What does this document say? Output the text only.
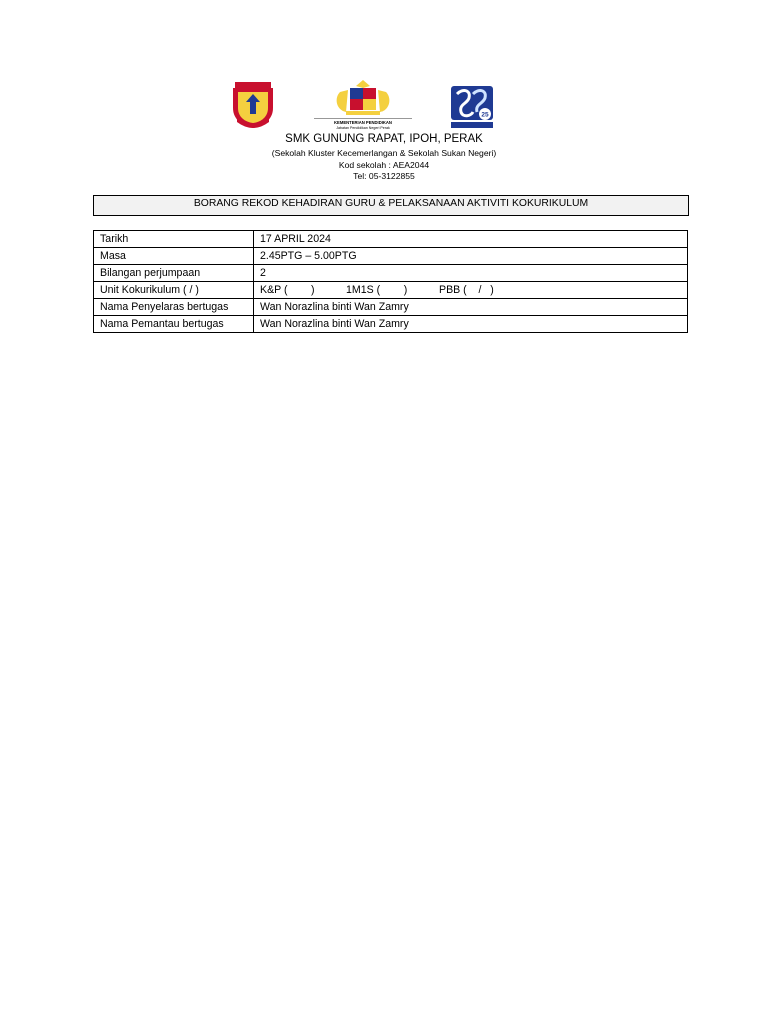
KEMENTERIAN PENDIDIKAN
Jabatan Pendidikan Negeri Perak
25
SMK GUNUNG RAPAT, IPOH, PERAK
(Sekolah Kluster Kecemerlangan & Sekolah Sukan Negeri)
Kod sekolah : AEA2044
Tel: 05-3122855
BORANG REKOD KEHADIRAN GURU & PELAKSANAAN AKTIVITI KOKURIKULUM
Tarikh	17 APRIL 2024
Masa	2.45PTG – 5.00PTG
Bilangan perjumpaan	2
Unit Kokurikulum ( / )	K&P (        ) 1M1S (        ) PBB (    /   )
Nama Penyelaras bertugas	Wan Norazlina binti Wan Zamry
Nama Pemantau bertugas	Wan Norazlina binti Wan Zamry
